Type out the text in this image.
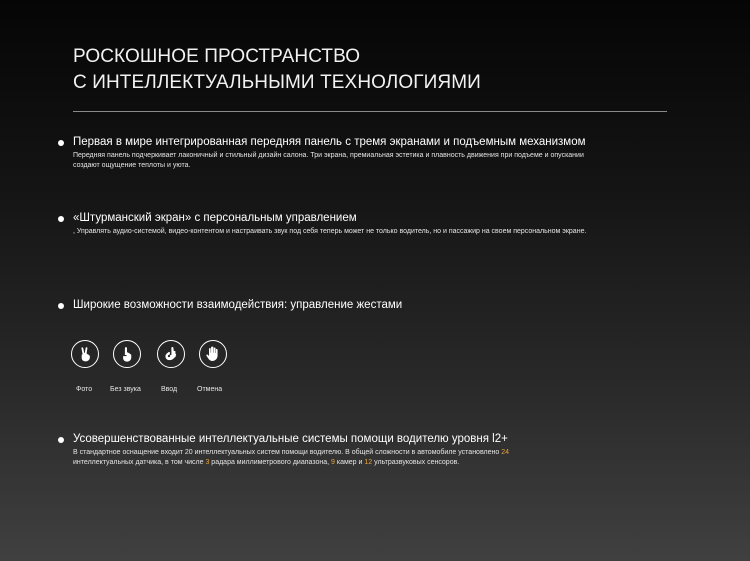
РОСКОШНОЕ ПРОСТРАНСТВО
С ИНТЕЛЛЕКТУАЛЬНЫМИ ТЕХНОЛОГИЯМИ
Первая в мире интегрированная передняя панель с тремя экранами и подъемным механизмом
Передняя панель подчеркивает лаконичный и стильный дизайн салона. Три экрана, премиальная эстетика и плавность движения при подъеме и опускании создают ощущение теплоты и уюта.
«Штурманский экран» с персональным управлением
, Управлять аудио-системой, видео-контентом и настраивать звук под себя теперь может не только водитель, но и пассажир на своем персональном экране.
Широкие возможности взаимодействия: управление жестами
Фото	Без звука	Ввод	Отмена
Усовершенствованные интеллектуальные системы помощи водителю уровня l2+
В стандартное оснащение входит 20 интеллектуальных систем помощи водителю. В общей сложности в автомобиле установлено 24 интеллектуальных датчика, в том числе 3 радара миллиметрового диапазона, 9 камер и 12 ультразвуковых сенсоров.
